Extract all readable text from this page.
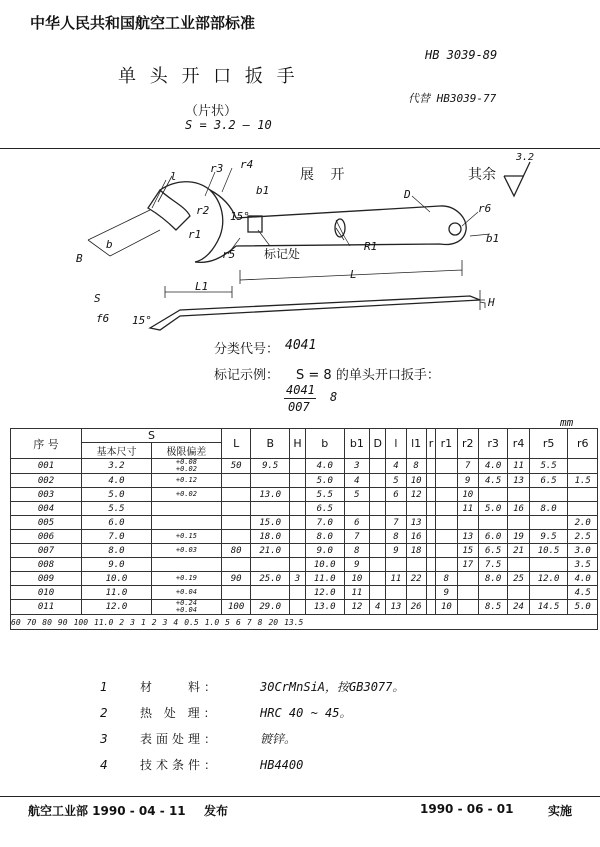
中华人民共和国航空工业部部标准
HB 3039-89
代替 HB3039-77
单 头 开 口 扳 手
（片状）
S = 3.2 — 10
展 开	其余
3.2
r3 r4
r2
r1
r5
R1
b1
l
L1
L
B
b
D
r6
15°
15°
S
f6
H
b1
标记处
分类代号： 4041
标记示例： S = 8 的单头开口扳手：
4041
007
8
mm
序 号	S		L	B	H	b	b1	D	l	l1	r	r1	r2	r3	r4	r5	r6
	基本尺寸	极限偏差															
001	3.2	+0.08
+0.02	50	9.5		4.0	3		4	8			7	4.0	11	5.5	
002	4.0	+0.12				5.0	4		5	10			9	4.5	13	6.5	1.5
003	5.0	+0.02		13.0		5.5	5		6	12			10				
004	5.5					6.5							11	5.0	16	8.0	
005	6.0			15.0		7.0	6		7	13							2.0
006	7.0	+0.15		18.0		8.0	7		8	16			13	6.0	19	9.5	2.5
007	8.0	+0.03	80	21.0		9.0	8		9	18			15	6.5	21	10.5	3.0
008	9.0					10.0	9						17	7.5			3.5
009	10.0	+0.19	90	25.0	3	11.0	10		11	22		8		8.0	25	12.0	4.0
010	11.0	+0.04				12.0	11					9					4.5
011	12.0	+0.24
+0.04	100	29.0		13.0	12	4	13	26		10		8.5	24	14.5	5.0
60 70 80 90 100 11.0 2 3 1 2 3 4 0.5 1.0 5 6 7 8 20 13.5																	
1	材　　料：	30CrMnSiA，按GB3077。
2	热 处 理：	HRC 40 ~ 45。
3	表面处理：	镀锌。
4	技术条件：	HB4400
航空工业部 1990 - 04 - 11 发布	1990 - 06 - 01	实施
